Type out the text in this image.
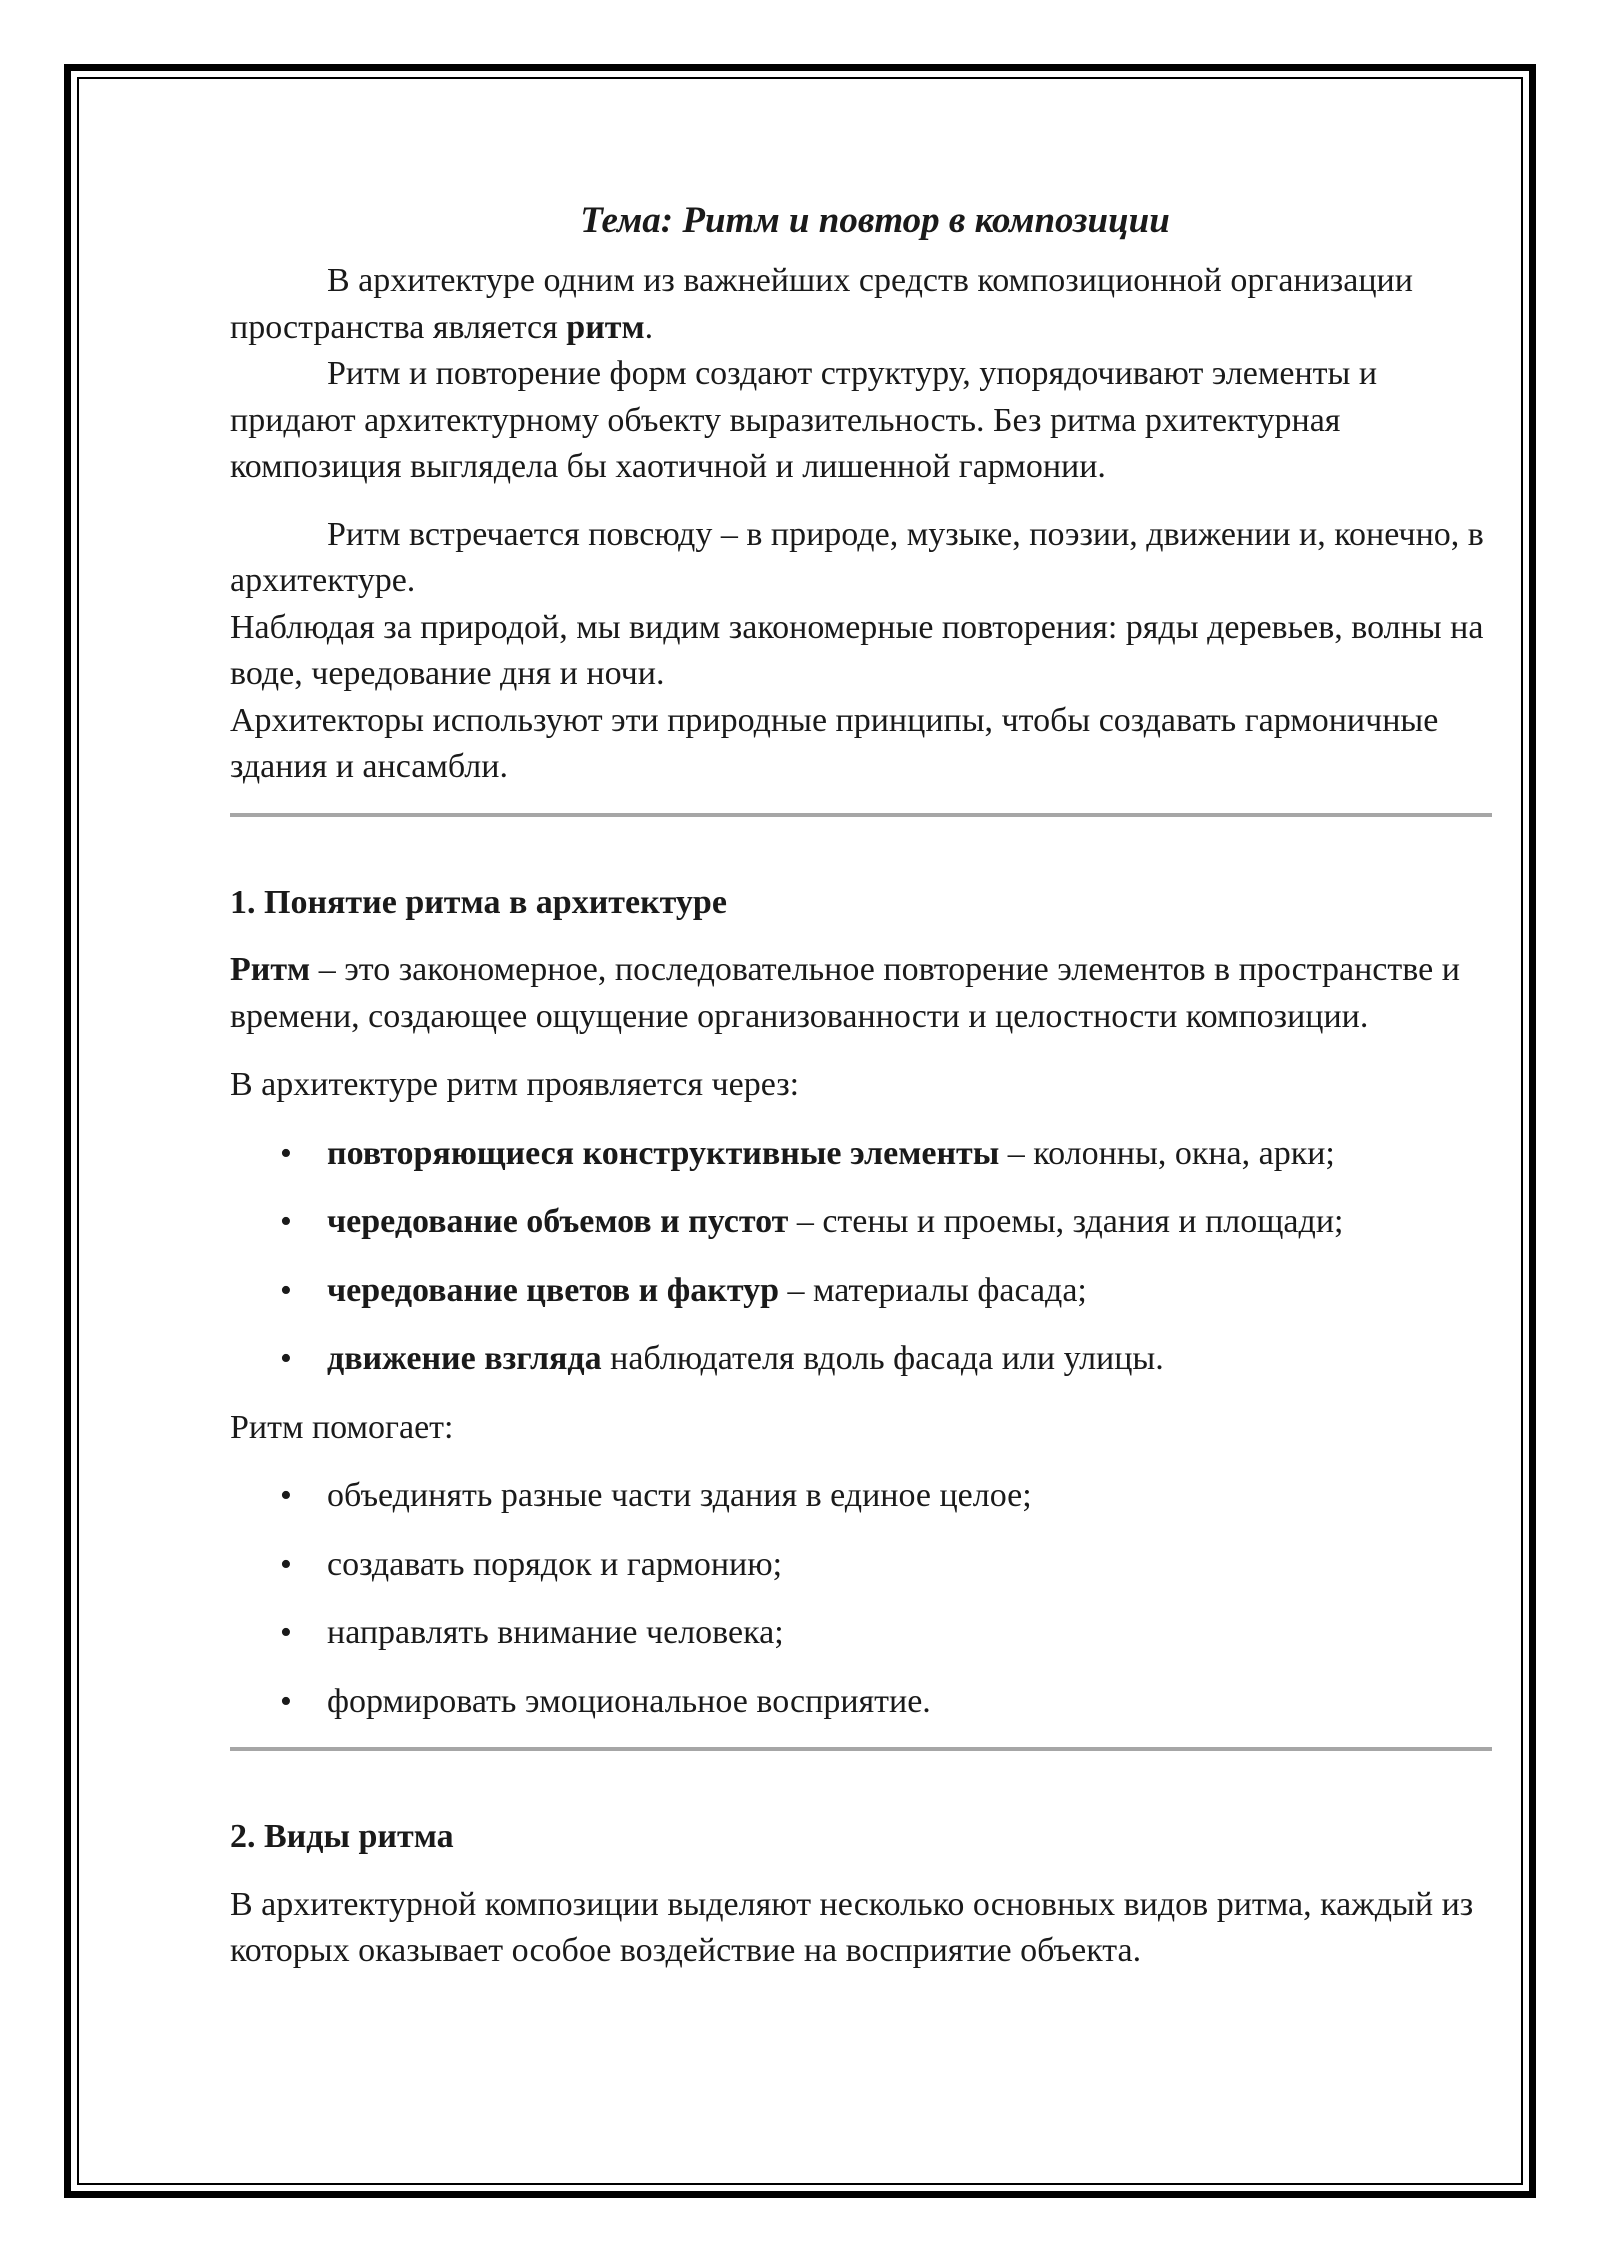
Тема: Ритм и повтор в композиции

В архитектуре одним из важнейших средств композиционной организации пространства является ритм.

Ритм и повторение форм создают структуру, упорядочивают элементы и придают архитектурному объекту выразительность. Без ритма рхитектурная композиция выглядела бы хаотичной и лишенной гармонии.

Ритм встречается повсюду – в природе, музыке, поэзии, движении и, конечно, в архитектуре.

Наблюдая за природой, мы видим закономерные повторения: ряды деревьев, волны на воде, чередование дня и ночи.

Архитекторы используют эти природные принципы, чтобы создавать гармоничные здания и ансамбли.

1. Понятие ритма в архитектуре

Ритм – это закономерное, последовательное повторение элементов в пространстве и времени, создающее ощущение организованности и целостности композиции.

В архитектуре ритм проявляется через:

• повторяющиеся конструктивные элементы – колонны, окна, арки;
• чередование объемов и пустот – стены и проемы, здания и площади;
• чередование цветов и фактур – материалы фасада;
• движение взгляда наблюдателя вдоль фасада или улицы.

Ритм помогает:

• объединять разные части здания в единое целое;
• создавать порядок и гармонию;
• направлять внимание человека;
• формировать эмоциональное восприятие.
2. Виды ритма

В архитектурной композиции выделяют несколько основных видов ритма, каждый из которых оказывает особое воздействие на восприятие объекта.
